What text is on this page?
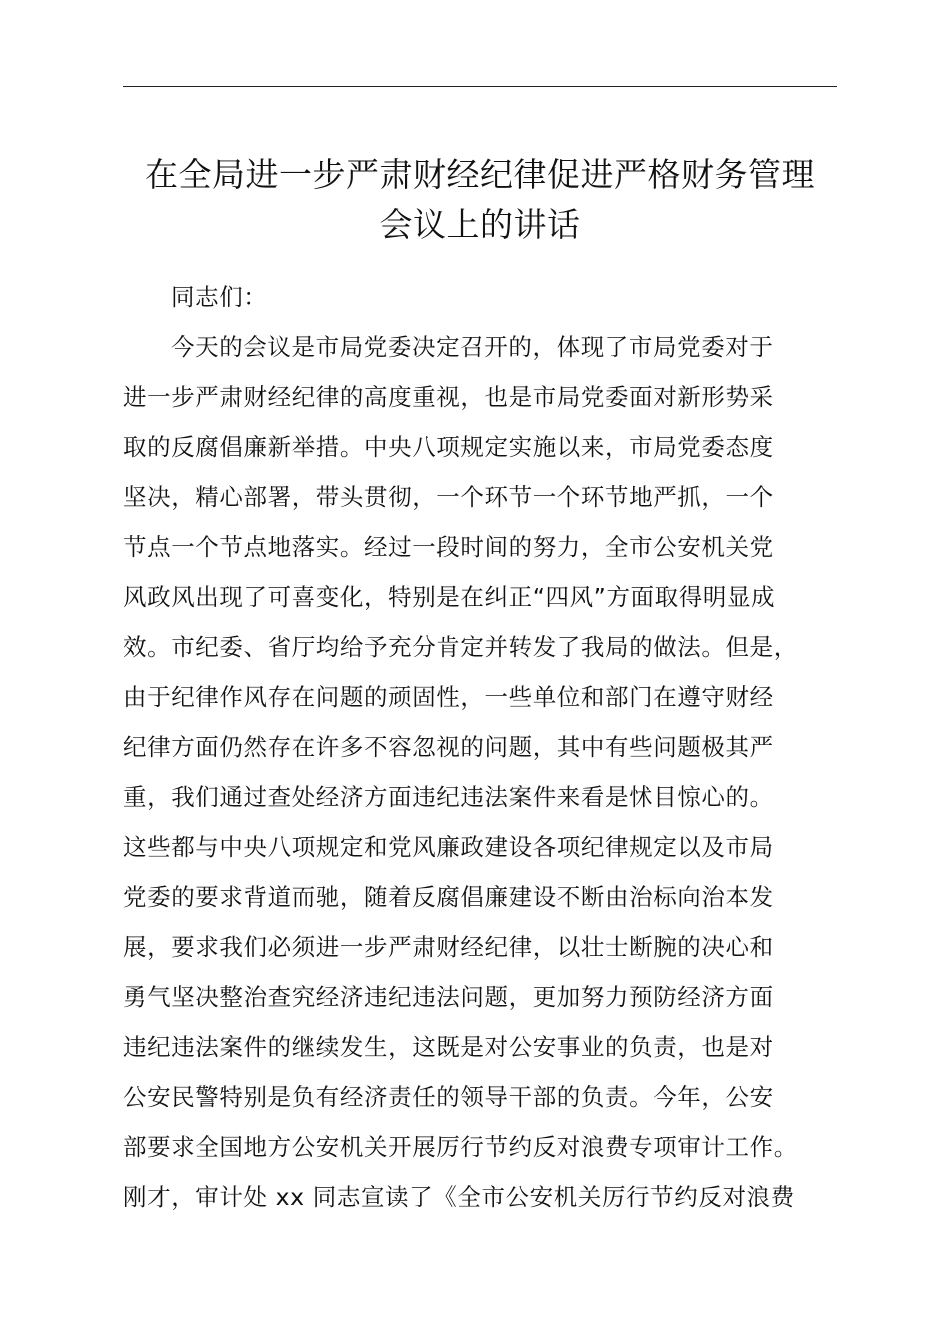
在全局进一步严肃财经纪律促进严格财务管理
会议上的讲话
同志们：
今天的会议是市局党委决定召开的，体现了市局党委对于
进一步严肃财经纪律的高度重视，也是市局党委面对新形势采
取的反腐倡廉新举措。中央八项规定实施以来，市局党委态度
坚决，精心部署，带头贯彻，一个环节一个环节地严抓，一个
节点一个节点地落实。经过一段时间的努力，全市公安机关党
风政风出现了可喜变化，特别是在纠正“四风”方面取得明显成
效。市纪委、省厅均给予充分肯定并转发了我局的做法。但是，
由于纪律作风存在问题的顽固性，一些单位和部门在遵守财经
纪律方面仍然存在许多不容忽视的问题，其中有些问题极其严
重，我们通过查处经济方面违纪违法案件来看是怵目惊心的。
这些都与中央八项规定和党风廉政建设各项纪律规定以及市局
党委的要求背道而驰，随着反腐倡廉建设不断由治标向治本发
展，要求我们必须进一步严肃财经纪律，以壮士断腕的决心和
勇气坚决整治查究经济违纪违法问题，更加努力预防经济方面
违纪违法案件的继续发生，这既是对公安事业的负责，也是对
公安民警特别是负有经济责任的领导干部的负责。今年，公安
部要求全国地方公安机关开展厉行节约反对浪费专项审计工作。
刚才，审计处 xx 同志宣读了《全市公安机关厉行节约反对浪费
